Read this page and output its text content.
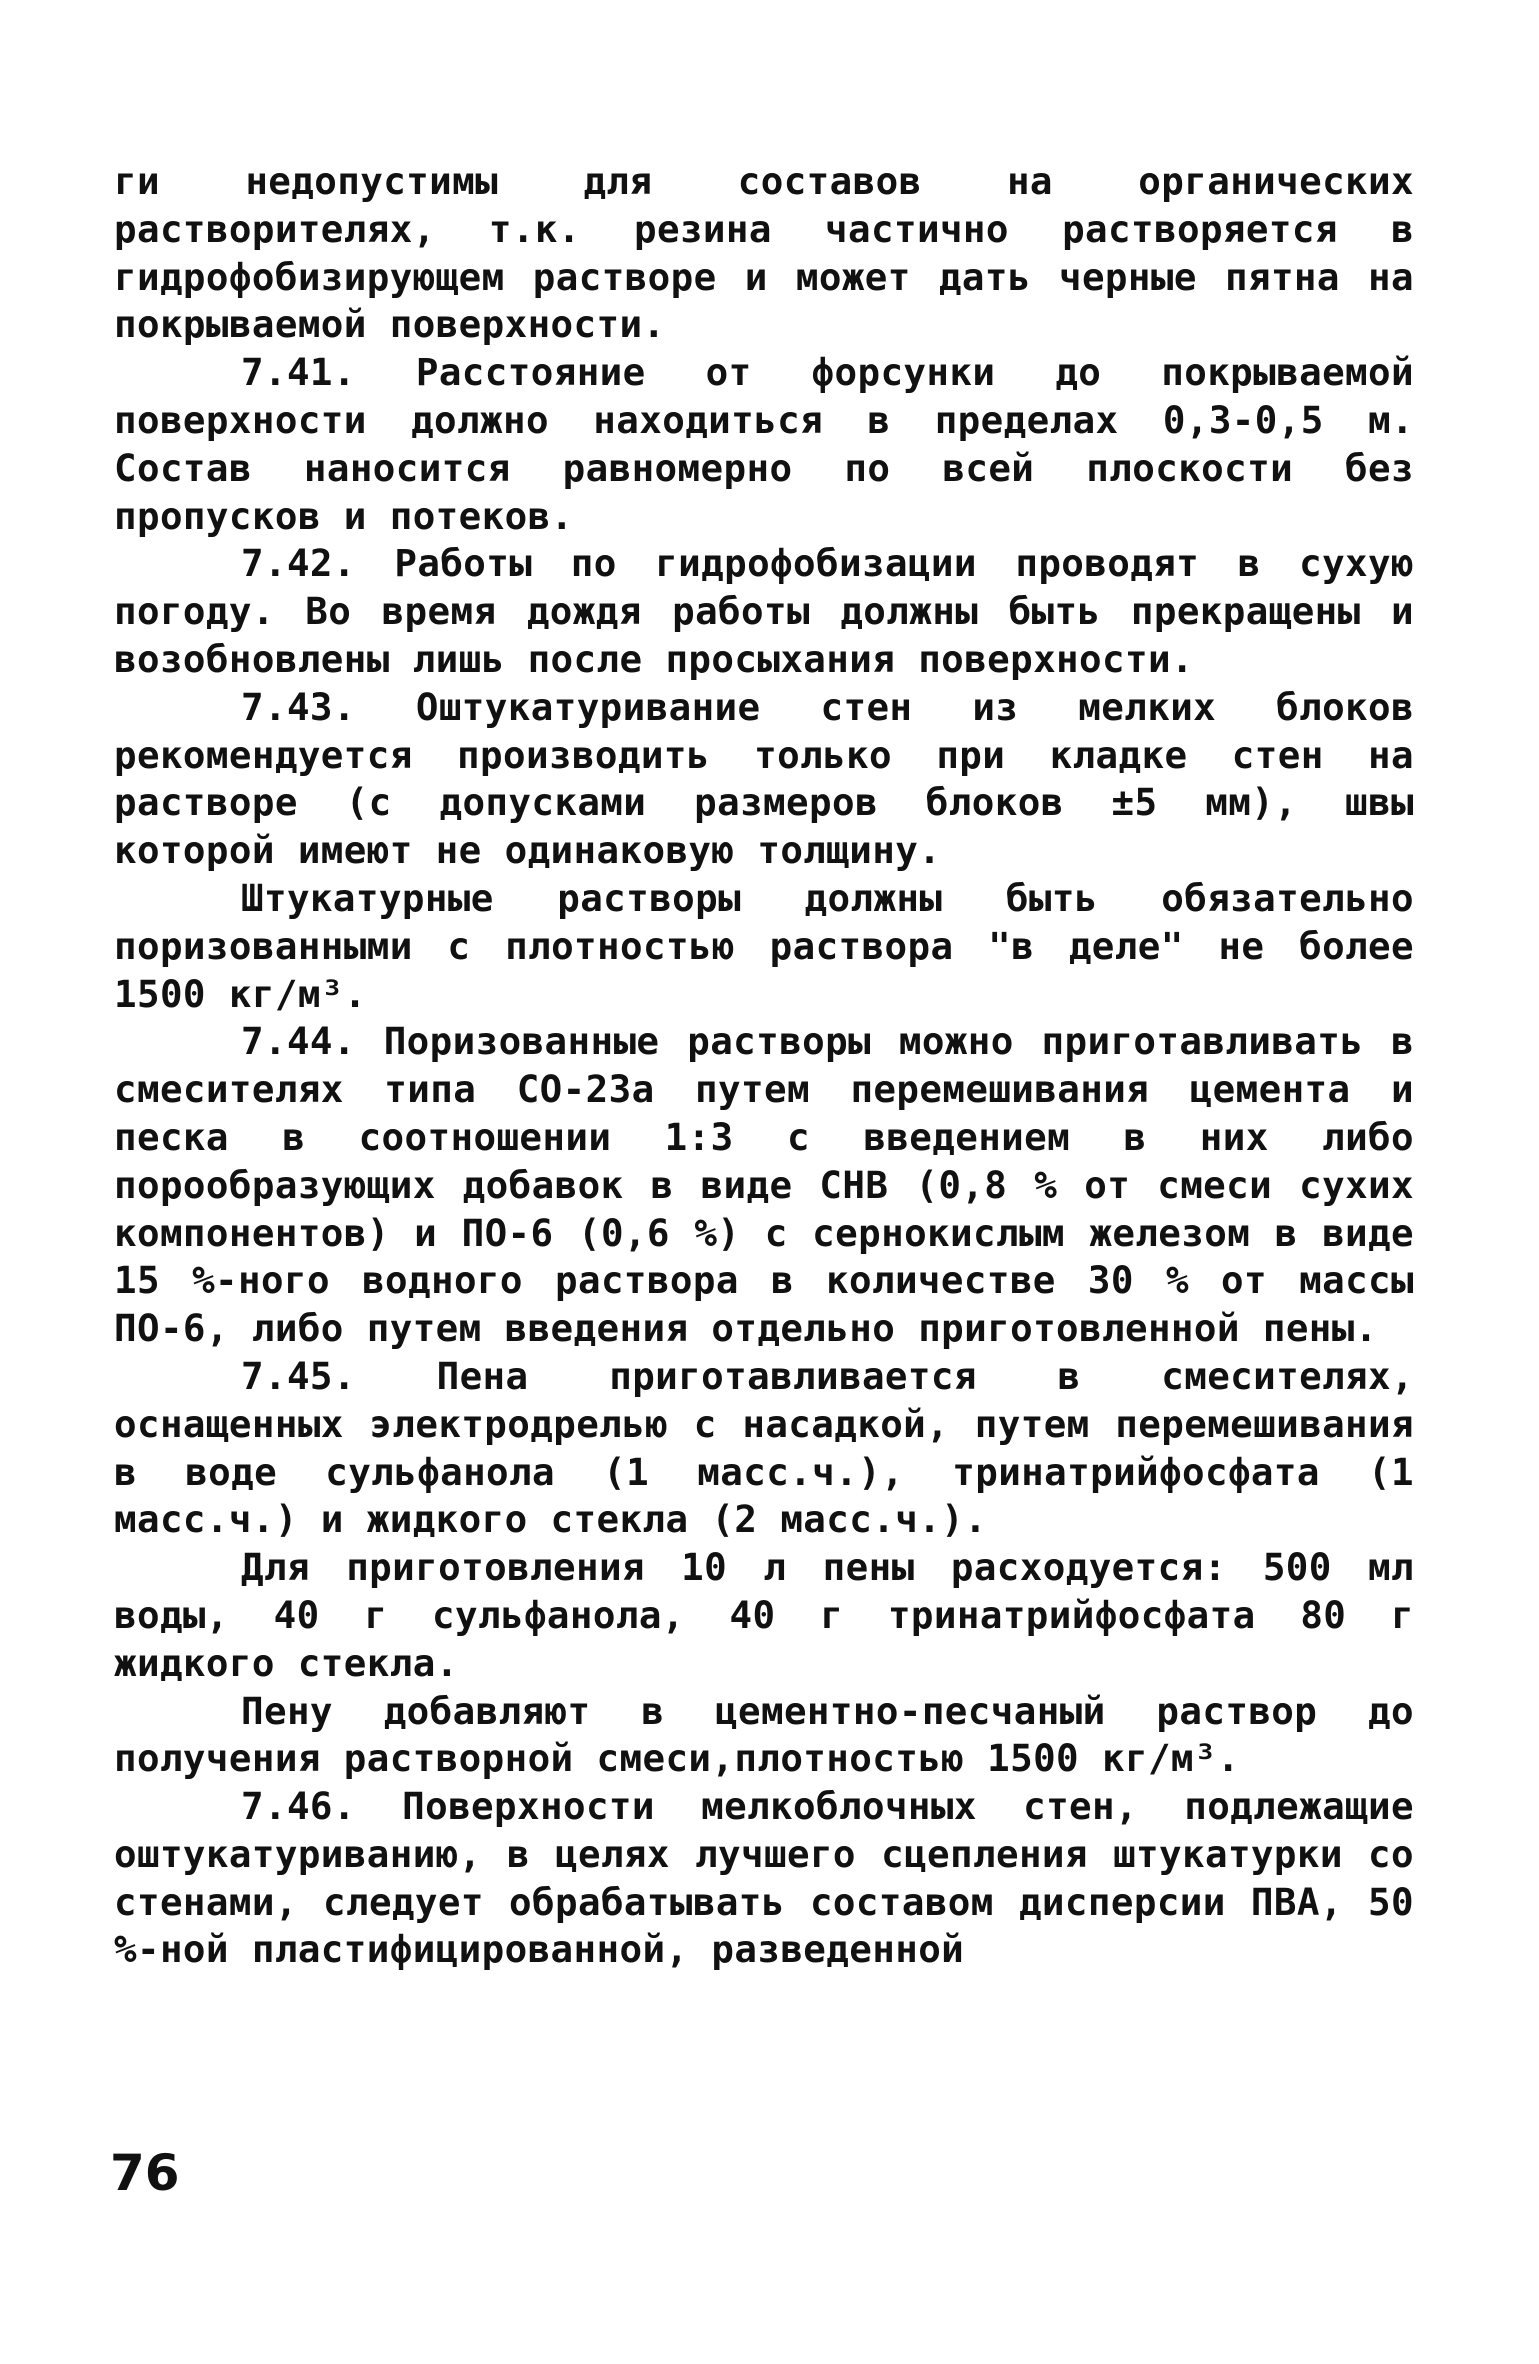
ги недопустимы для составов на органических растворителях, т.к. резина частично растворяется в гидрофобизирующем растворе и может дать черные пятна на покрываемой поверхности.

7.41. Расстояние от форсунки до покрываемой поверхности должно находиться в пределах 0,3-0,5 м. Состав наносится равномерно по всей плоскости без пропусков и потеков.

7.42. Работы по гидрофобизации проводят в сухую погоду. Во время дождя работы должны быть прекращены и возобновлены лишь после просыхания поверхности.

7.43. Оштукатуривание стен из мелких блоков рекомендуется производить только при кладке стен на растворе (с допусками размеров блоков ±5 мм), швы которой имеют не одинаковую толщину.

Штукатурные растворы должны быть обязательно поризованными с плотностью раствора "в деле" не более 1500 кг/м³.

7.44. Поризованные растворы можно приготавливать в смесителях типа СО-23а путем перемешивания цемента и песка в соотношении 1:3 с введением в них либо порообразующих добавок в виде СНВ (0,8 % от смеси сухих компонентов) и ПО-6 (0,6 %) с сернокислым железом в виде 15 %-ного водного раствора в количестве 30 % от массы ПО-6, либо путем введения отдельно приготовленной пены.

7.45. Пена приготавливается в смесителях, оснащенных электродрелью с насадкой, путем перемешивания в воде сульфанола (1 масс.ч.), тринатрийфосфата (1 масс.ч.) и жидкого стекла (2 масс.ч.).

Для приготовления 10 л пены расходуется: 500 мл воды, 40 г сульфанола, 40 г тринатрийфосфата 80 г жидкого стекла.

Пену добавляют в цементно-песчаный раствор до получения растворной смеси,плотностью 1500 кг/м³.

7.46. Поверхности мелкоблочных стен, подлежащие оштукатуриванию, в целях лучшего сцепления штукатурки со стенами, следует обрабатывать составом дисперсии ПВА, 50 %-ной пластифицированной, разведенной

76
